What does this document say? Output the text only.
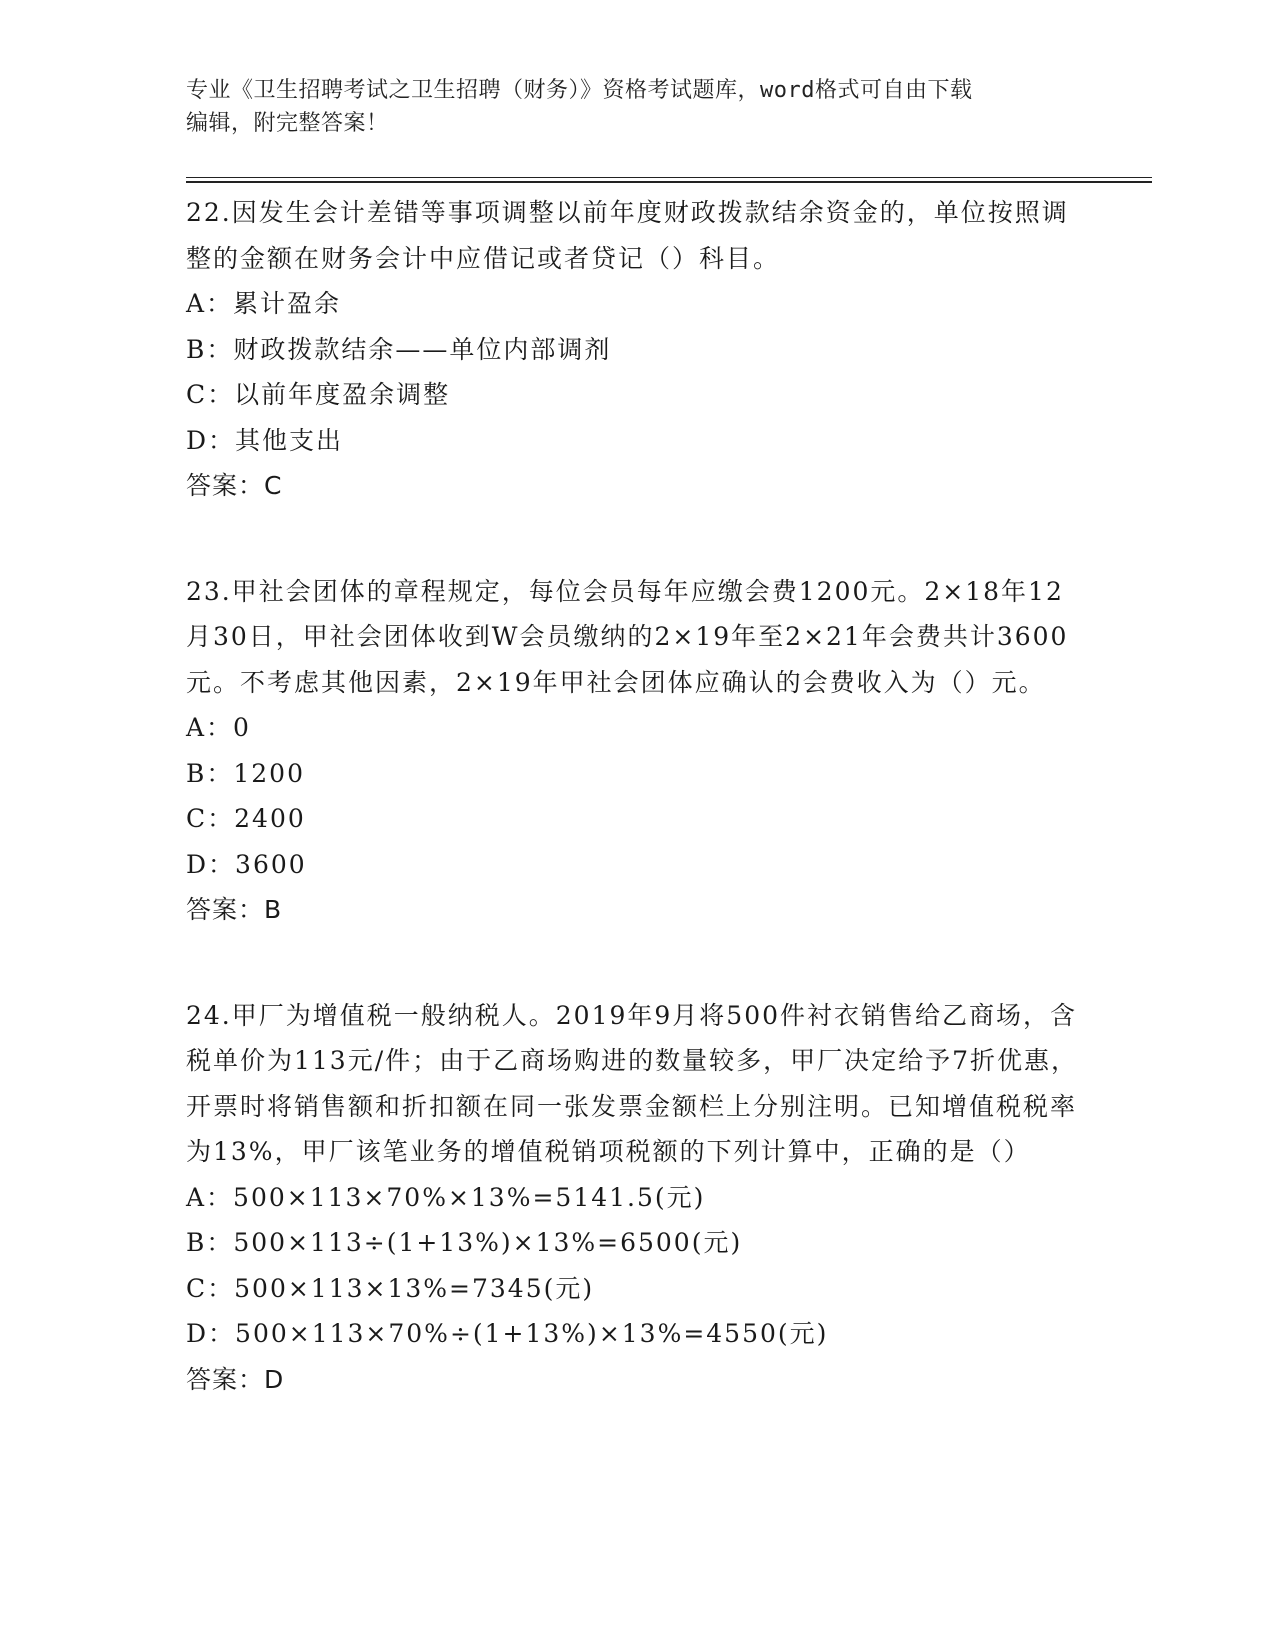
专业《卫生招聘考试之卫生招聘（财务）》资格考试题库，word格式可自由下载
编辑，附完整答案！

22.因发生会计差错等事项调整以前年度财政拨款结余资金的，单位按照调整的金额在财务会计中应借记或者贷记（）科目。

A：累计盈余

B：财政拨款结余——单位内部调剂

C：以前年度盈余调整

D：其他支出

答案：C

23.甲社会团体的章程规定，每位会员每年应缴会费1200元。2×18年12月30日，甲社会团体收到W会员缴纳的2×19年至2×21年会费共计3600元。不考虑其他因素，2×19年甲社会团体应确认的会费收入为（）元。

A：0

B：1200

C：2400

D：3600

答案：B

24.甲厂为增值税一般纳税人。2019年9月将500件衬衣销售给乙商场，含税单价为113元/件；由于乙商场购进的数量较多，甲厂决定给予7折优惠，开票时将销售额和折扣额在同一张发票金额栏上分别注明。已知增值税税率为13%，甲厂该笔业务的增值税销项税额的下列计算中，正确的是（）

A：500×113×70%×13%=5141.5(元)

B：500×113÷(1+13%)×13%=6500(元)

C：500×113×13%=7345(元)

D：500×113×70%÷(1+13%)×13%=4550(元)

答案：D
